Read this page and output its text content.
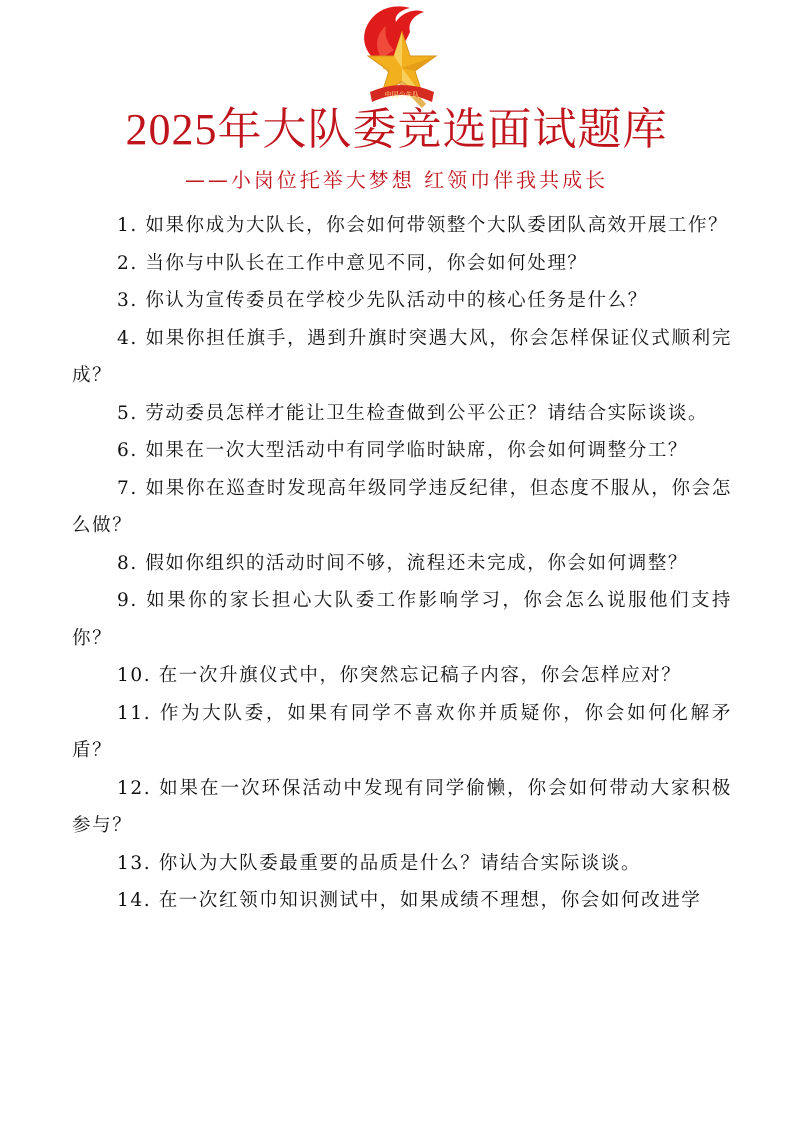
中国少先队
2025年大队委竞选面试题库
——小岗位托举大梦想 红领巾伴我共成长
1. 如果你成为大队长，你会如何带领整个大队委团队高效开展工作？
2. 当你与中队长在工作中意见不同，你会如何处理？
3. 你认为宣传委员在学校少先队活动中的核心任务是什么？
4. 如果你担任旗手，遇到升旗时突遇大风，你会怎样保证仪式顺利完成？
5. 劳动委员怎样才能让卫生检查做到公平公正？请结合实际谈谈。
6. 如果在一次大型活动中有同学临时缺席，你会如何调整分工？
7. 如果你在巡查时发现高年级同学违反纪律，但态度不服从，你会怎么做？
8. 假如你组织的活动时间不够，流程还未完成，你会如何调整？
9. 如果你的家长担心大队委工作影响学习，你会怎么说服他们支持你？
10. 在一次升旗仪式中，你突然忘记稿子内容，你会怎样应对？
11. 作为大队委，如果有同学不喜欢你并质疑你，你会如何化解矛盾？
12. 如果在一次环保活动中发现有同学偷懒，你会如何带动大家积极参与？
13. 你认为大队委最重要的品质是什么？请结合实际谈谈。
14. 在一次红领巾知识测试中，如果成绩不理想，你会如何改进学
